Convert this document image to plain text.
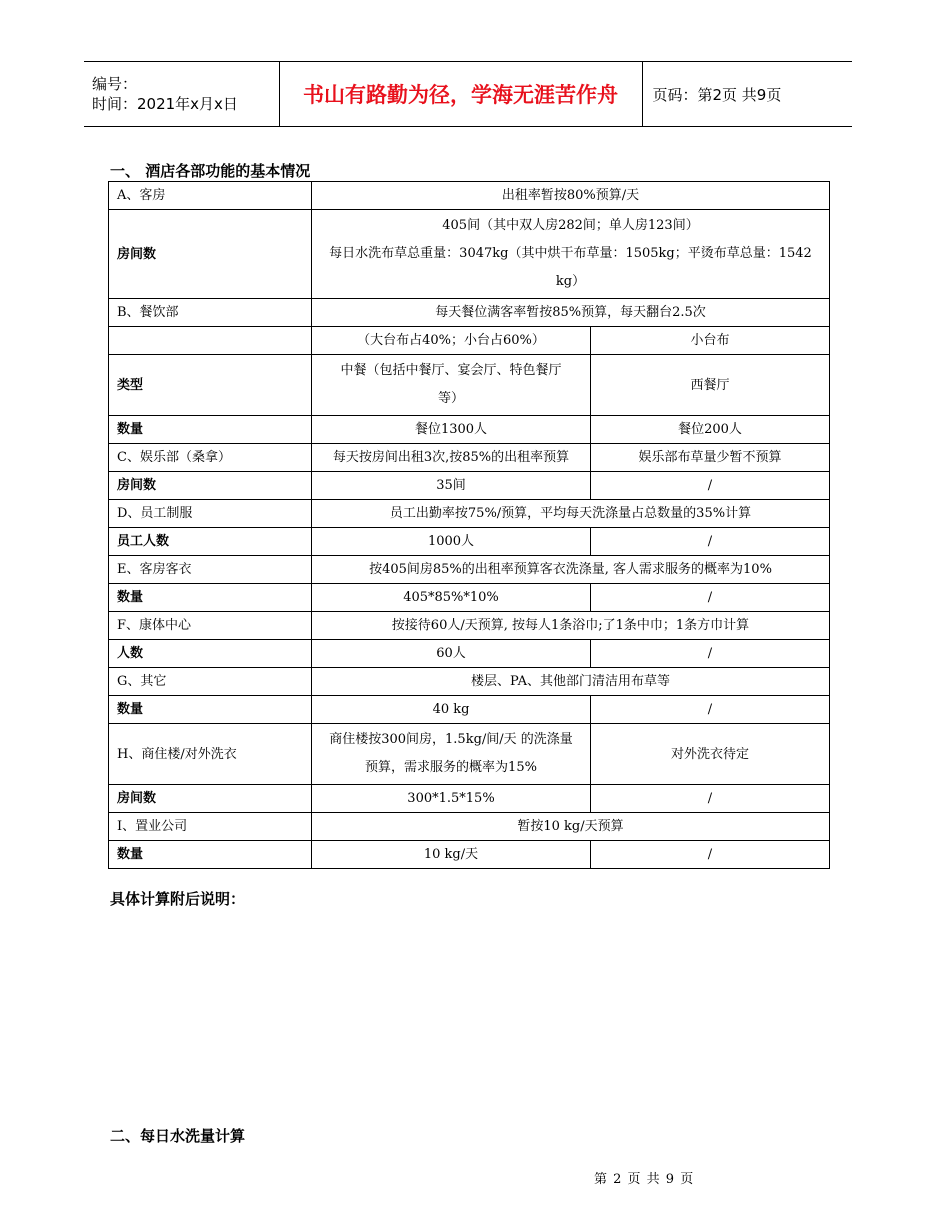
编号：
时间：2021年x月x日	书山有路勤为径，学海无涯苦作舟	页码：第2页 共9页
一、 酒店各部功能的基本情况
A、客房	出租率暂按80%预算/天	
房间数	405间（其中双人房282间；单人房123间）
每日水洗布草总重量：3047kg（其中烘干布草量：1505kg；平烫布草总量：1542
kg）	

B、餐饮部	每天餐位满客率暂按85%预算，每天翻台2.5次	
	（大台布占40%；小台占60%）	小台布
类型	中餐（包括中餐厅、宴会厅、特色餐厅
等）	西餐厅
数量	餐位1300人	餐位200人
C、娱乐部（桑拿）	每天按房间出租3次,按85%的出租率预算	娱乐部布草量少暂不预算
房间数	35间	/
D、员工制服	员工出勤率按75%/预算，平均每天洗涤量占总数量的35%计算	
员工人数	1000人	/
E、客房客衣	按405间房85%的出租率预算客衣洗涤量, 客人需求服务的概率为10%	
数量	405*85%*10%	/
F、康体中心	按接待60人/天预算, 按每人1条浴巾;了1条中巾；1条方巾计算	
人数	60人	/
G、其它	楼层、PA、其他部门清洁用布草等	
数量	40 kg	/
H、商住楼/对外洗衣	商住楼按300间房，1.5kg/间/天 的洗涤量
预算，需求服务的概率为15%	对外洗衣待定
房间数	300*1.5*15%	/
I、置业公司	暂按10 kg/天预算	
数量	10 kg/天	/
具体计算附后说明：
二、每日水洗量计算
第 2 页 共 9 页
